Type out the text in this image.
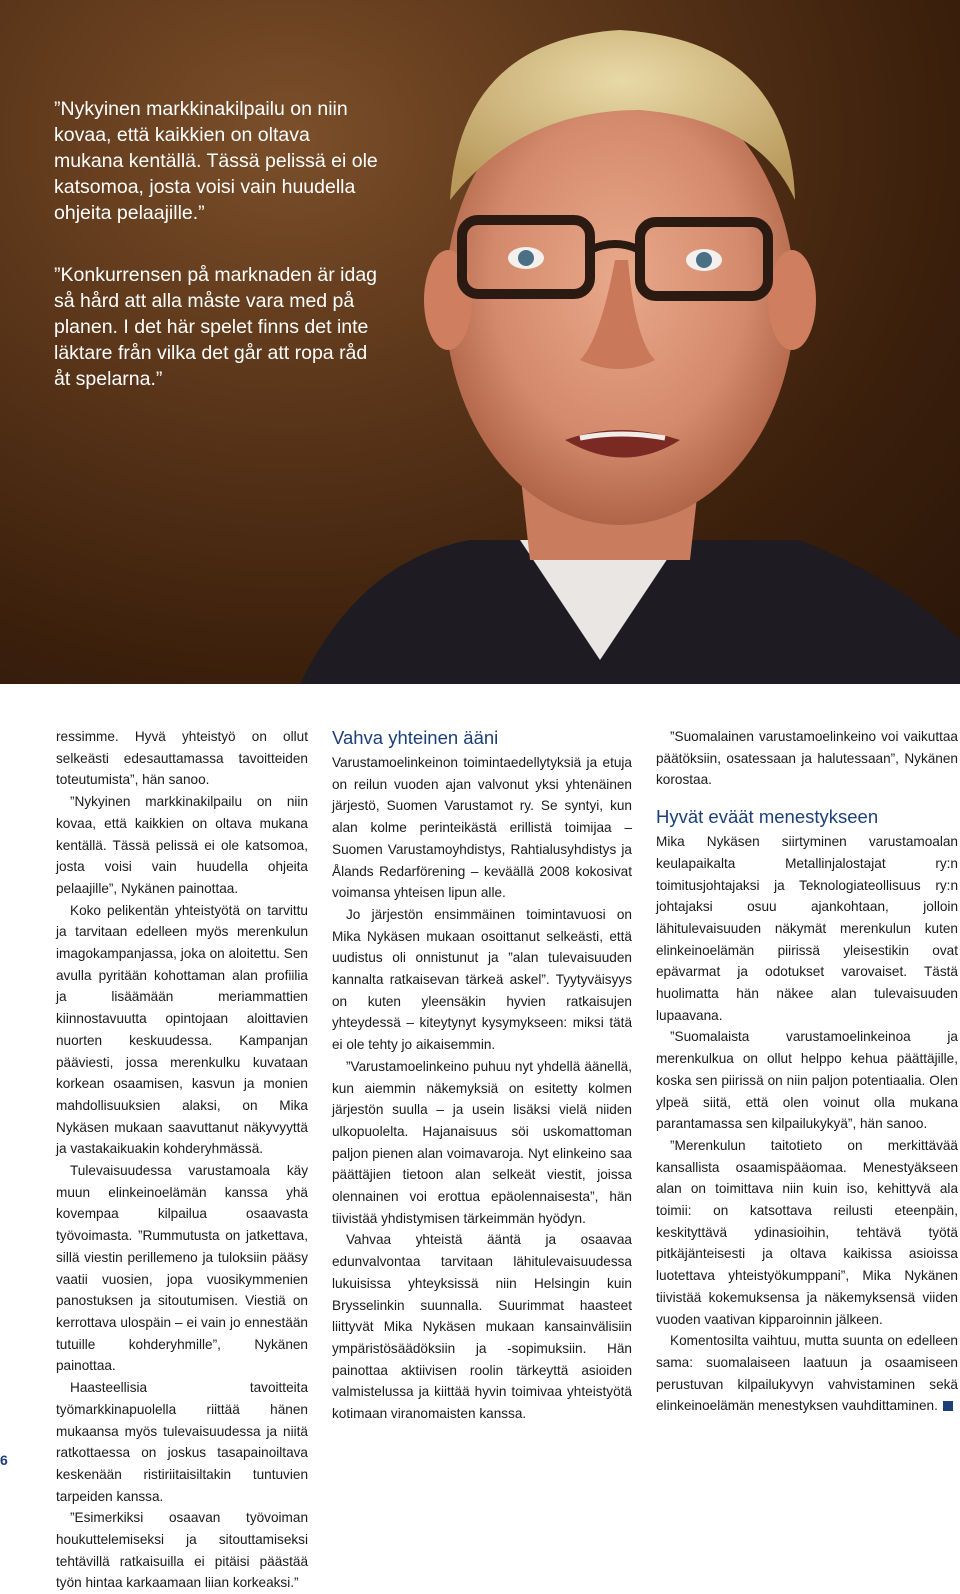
”Nykyinen markkinakilpailu on niin kovaa, että kaikkien on oltava mukana kentällä. Tässä pelissä ei ole katsomoa, josta voisi vain huudella ohjeita pelaajille.”

”Konkurrensen på marknaden är idag så hård att alla måste vara med på planen. I det här spelet finns det inte läktare från vilka det går att ropa råd åt spelarna.”

ressimme. Hyvä yhteistyö on ollut selkeästi edesauttamassa tavoitteiden toteutumista”, hän sanoo.

”Nykyinen markkinakilpailu on niin kovaa, että kaikkien on oltava mukana kentällä. Tässä pelissä ei ole katsomoa, josta voisi vain huudella ohjeita pelaajille”, Nykänen painottaa.

Koko pelikentän yhteistyötä on tarvittu ja tarvitaan edelleen myös merenkulun imagokampanjassa, joka on aloitettu. Sen avulla pyritään kohottaman alan profiilia ja lisäämään meriammattien kiinnostavuutta opintojaan aloittavien nuorten keskuudessa. Kampanjan pääviesti, jossa merenkulku kuvataan korkean osaamisen, kasvun ja monien mahdollisuuksien alaksi, on Mika Nykäsen mukaan saavuttanut näkyvyyttä ja vastakaikuakin kohderyhmässä.

Tulevaisuudessa varustamoala käy muun elinkeinoelämän kanssa yhä kovempaa kilpailua osaavasta työvoimasta. ”Rummutusta on jatkettava, sillä viestin perillemeno ja tuloksiin pääsy vaatii vuosien, jopa vuosikymmenien panostuksen ja sitoutumisen. Viestiä on kerrottava ulospäin – ei vain jo ennestään tutuille kohderyhmille”, Nykänen painottaa.

Haasteellisia tavoitteita työmarkkinapuolella riittää hänen mukaansa myös tulevaisuudessa ja niitä ratkottaessa on joskus tasapainoiltava keskenään ristiriitaisiltakin tuntuvien tarpeiden kanssa.

”Esimerkiksi osaavan työvoiman houkuttelemiseksi ja sitouttamiseksi tehtävillä ratkaisuilla ei pitäisi päästää työn hintaa karkaamaan liian korkeaksi.”

Vahva yhteinen ääni

Varustamoelinkeinon toimintaedellytyksiä ja etuja on reilun vuoden ajan valvonut yksi yhtenäinen järjestö, Suomen Varustamot ry. Se syntyi, kun alan kolme perinteikästä erillistä toimijaa – Suomen Varustamoyhdistys, Rahtialusyhdistys ja Ålands Redarförening – keväällä 2008 kokosivat voimansa yhteisen lipun alle.

Jo järjestön ensimmäinen toimintavuosi on Mika Nykäsen mukaan osoittanut selkeästi, että uudistus oli onnistunut ja ”alan tulevaisuuden kannalta ratkaisevan tärkeä askel”. Tyytyväisyys on kuten yleensäkin hyvien ratkaisujen yhteydessä – kiteytynyt kysymykseen: miksi tätä ei ole tehty jo aikaisemmin.

”Varustamoelinkeino puhuu nyt yhdellä äänellä, kun aiemmin näkemyksiä on esitetty kolmen järjestön suulla – ja usein lisäksi vielä niiden ulkopuolelta. Hajanaisuus söi uskomattoman paljon pienen alan voimavaroja. Nyt elinkeino saa päättäjien tietoon alan selkeät viestit, joissa olennainen voi erottua epäolennaisesta”, hän tiivistää yhdistymisen tärkeimmän hyödyn.

Vahvaa yhteistä ääntä ja osaavaa edunvalvontaa tarvitaan lähitulevaisuudessa lukuisissa yhteyksissä niin Helsingin kuin Brysselinkin suunnalla. Suurimmat haasteet liittyvät Mika Nykäsen mukaan kansainvälisiin ympäristösäädöksiin ja -sopimuksiin. Hän painottaa aktiivisen roolin tärkeyttä asioiden valmistelussa ja kiittää hyvin toimivaa yhteistyötä kotimaan viranomaisten kanssa.

”Suomalainen varustamoelinkeino voi vaikuttaa päätöksiin, osatessaan ja halutessaan”, Nykänen korostaa.

Hyvät eväät menestykseen

Mika Nykäsen siirtyminen varustamoalan keulapaikalta Metallinjalostajat ry:n toimitusjohtajaksi ja Teknologiateollisuus ry:n johtajaksi osuu ajankohtaan, jolloin lähitulevaisuuden näkymät merenkulun kuten elinkeinoelämän piirissä yleisestikin ovat epävarmat ja odotukset varovaiset. Tästä huolimatta hän näkee alan tulevaisuuden lupaavana.

”Suomalaista varustamoelinkeinoa ja merenkulkua on ollut helppo kehua päättäjille, koska sen piirissä on niin paljon potentiaalia. Olen ylpeä siitä, että olen voinut olla mukana parantamassa sen kilpailukykyä”, hän sanoo.

”Merenkulun taitotieto on merkittävää kansallista osaamispääomaa. Menestyäkseen alan on toimittava niin kuin iso, kehittyvä ala toimii: on katsottava reilusti eteenpäin, keskityttävä ydinasioihin, tehtävä työtä pitkäjänteisesti ja oltava kaikissa asioissa luotettava yhteistyökumppani”, Mika Nykänen tiivistää kokemuksensa ja näkemyksensä viiden vuoden vaativan kipparoinnin jälkeen.

Komentosilta vaihtuu, mutta suunta on edelleen sama: suomalaiseen laatuun ja osaamiseen perustuvan kilpailukyvyn vahvistaminen sekä elinkeinoelämän menestyksen vauhdittaminen.

6
